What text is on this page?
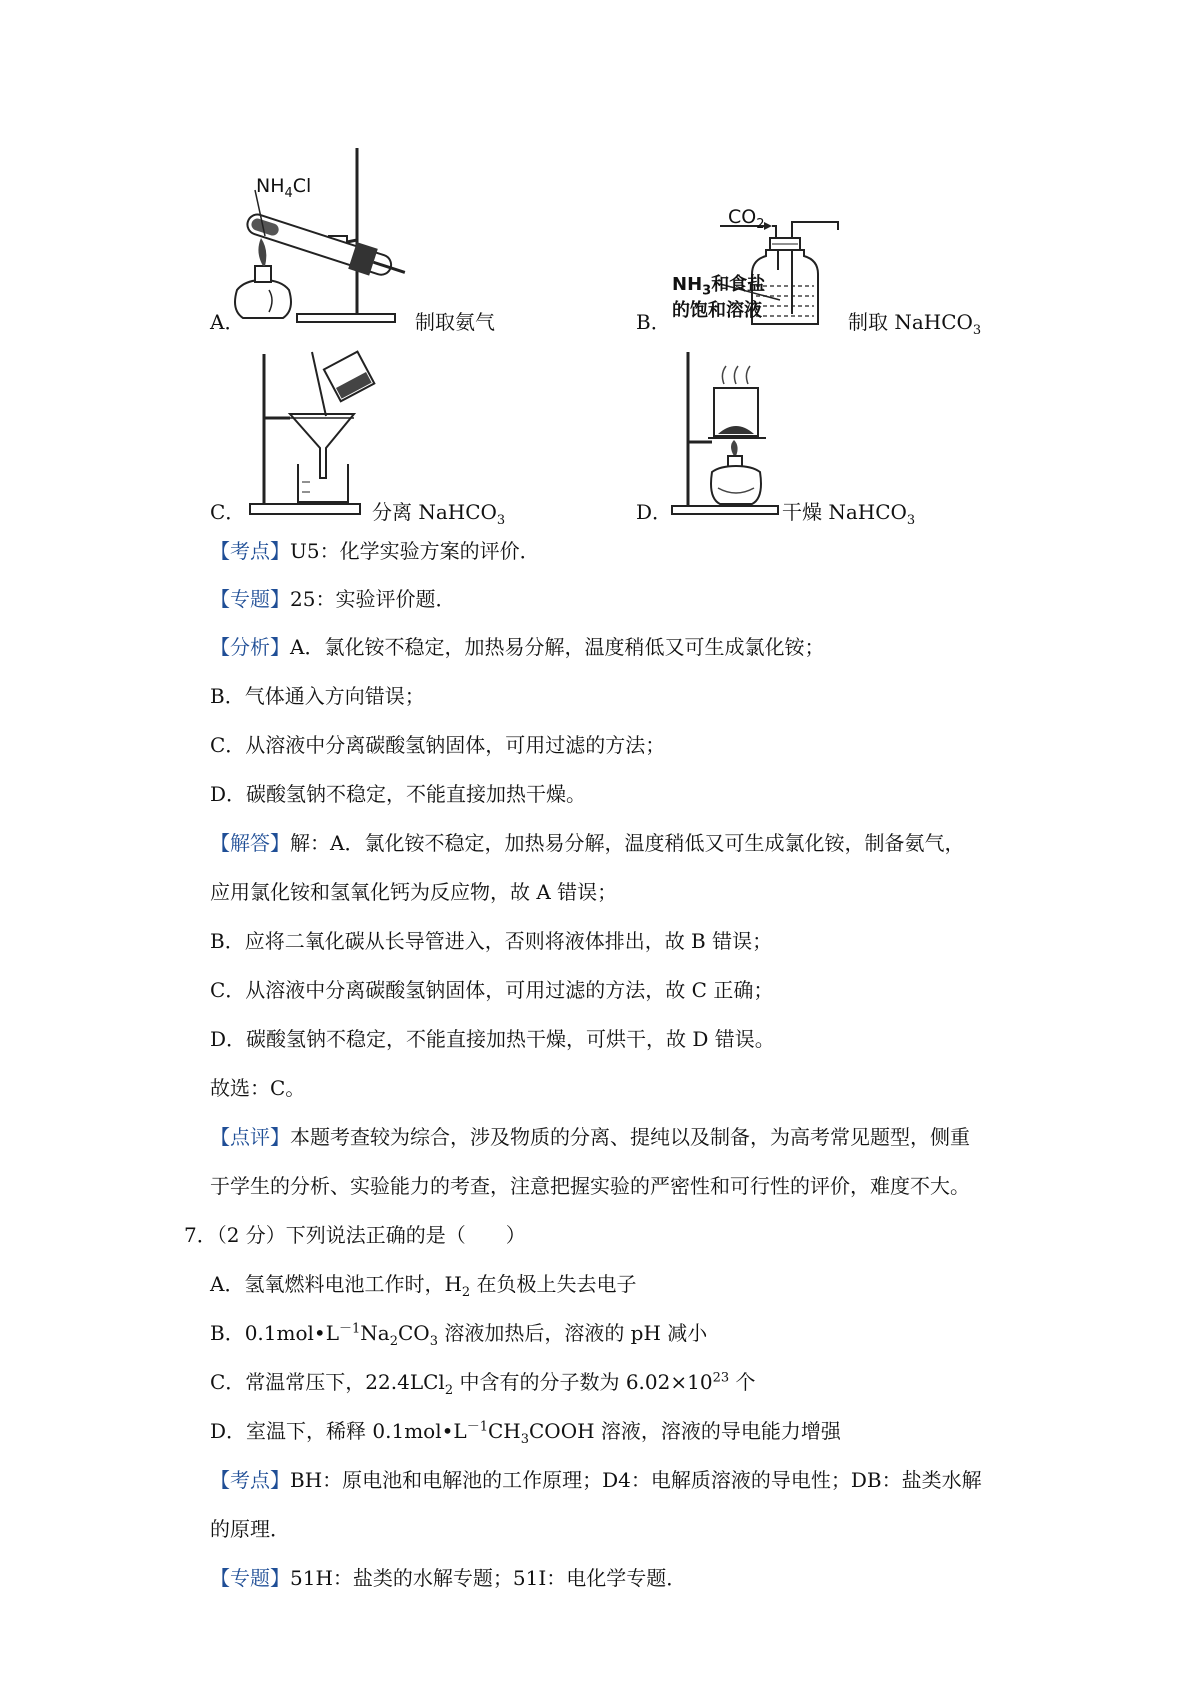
$NH_4Cl$
A．	制取氨气
$CO_2$
$NH_3$和食盐
的饱和溶液
B．	制取 NaHCO$_3$
C．	分离 NaHCO$_3$	D．	干燥 NaHCO$_3$
【考点】U5：化学实验方案的评价．
【专题】25：实验评价题．
【分析】A．氯化铵不稳定，加热易分解，温度稍低又可生成氯化铵；
B．气体通入方向错误；
C．从溶液中分离碳酸氢钠固体，可用过滤的方法；
D．碳酸氢钠不稳定，不能直接加热干燥。
【解答】解：A．氯化铵不稳定，加热易分解，温度稍低又可生成氯化铵，制备氨气，
应用氯化铵和氢氧化钙为反应物，故 A 错误；
B．应将二氧化碳从长导管进入，否则将液体排出，故 B 错误；
C．从溶液中分离碳酸氢钠固体，可用过滤的方法，故 C 正确；
D．碳酸氢钠不稳定，不能直接加热干燥，可烘干，故 D 错误。
故选：C。
【点评】本题考查较为综合，涉及物质的分离、提纯以及制备，为高考常见题型，侧重
于学生的分析、实验能力的考查，注意把握实验的严密性和可行性的评价，难度不大。
7．（2 分）下列说法正确的是（　　）
A．氢氧燃料电池工作时，$H_2$ 在负极上失去电子
B．$0.1mol•L^{-1}Na_2CO_3$ 溶液加热后，溶液的 pH 减小
C．常温常压下，22.4LCl$_2$ 中含有的分子数为 $6.02\times 10^{23}$ 个
D．室温下，稀释 $0.1mol•L^{-1}CH_3COOH$ 溶液，溶液的导电能力增强
【考点】BH：原电池和电解池的工作原理；D4：电解质溶液的导电性；DB：盐类水解
的原理．
【专题】51H：盐类的水解专题；51I：电化学专题．
